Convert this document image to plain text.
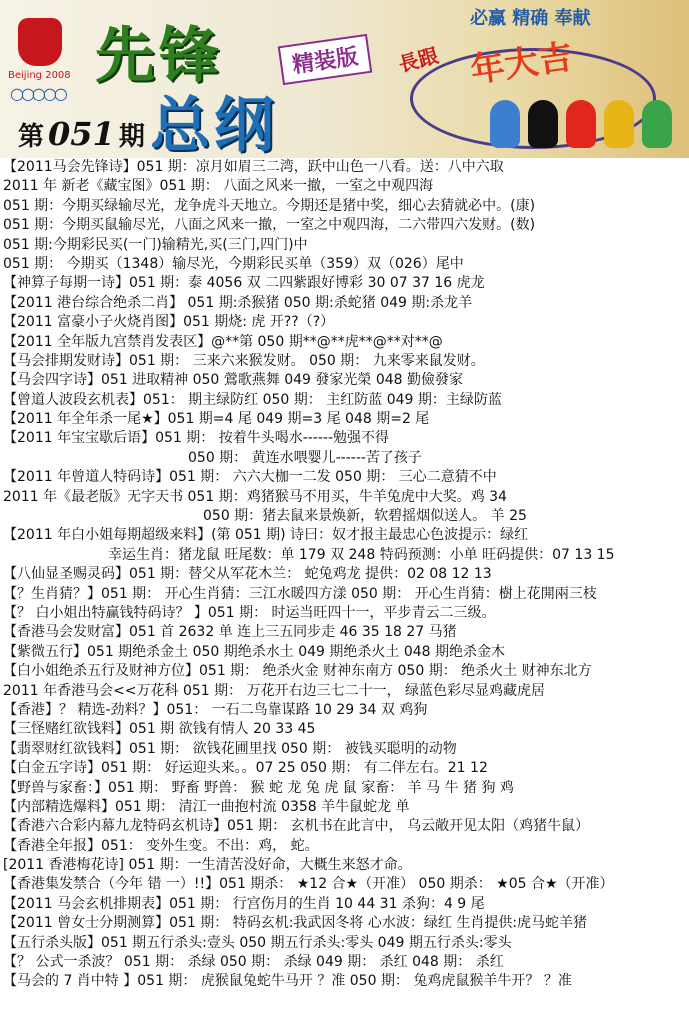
Beijing 2008
○○○○○
先锋
总纲
精装版
第 051 期
必赢 精确 奉献
長跟 年大吉
【2011马会先锋诗】051 期：凉月如眉三二湾，跃中山色一八看。送：八中六取
2011 年 新老《藏宝图》051 期： 八面之风来一撤，一室之中观四海
051 期：今期买绿输尽光，龙争虎斗天地立。今期还是猪中奖，细心去猜就必中。(康)
051 期：今期买鼠输尽光，八面之风来一撤，一室之中观四海，二六带四六发财。(数)
051 期:今期彩民买(一门)输精光,买(三门,四门)中
051 期： 今期买（1348）输尽光，今期彩民买单（359）双（026）尾中
【神算子每期一诗】051 期：泰 4056 双 二四紫跟好博彩 30 07 37 16 虎龙
【2011 港台综合绝杀二肖】 051 期:杀猴猪 050 期:杀蛇猪 049 期:杀龙羊
【2011 富豪小子火烧肖图】051 期烧: 虎 开??（?）
【2011 全年版九宫禁肖发表区】@**第 050 期**@**虎**@**对**@
【马会排期发财诗】051 期： 三来六来猴发财。 050 期： 九来零来鼠发财。
【马会四字诗】051 进取精神 050 鶯歌燕舞 049 發家光榮 048 勤儉發家
【曾道人波段玄机表】051： 期主绿防红 050 期： 主红防蓝 049 期：主绿防蓝
【2011 年全年杀一尾★】051 期=4 尾 049 期=3 尾 048 期=2 尾
【2011 年宝宝歇后语】051 期： 按着牛头喝水------勉强不得
050 期： 黄连水喂婴儿------苦了孩子
【2011 年曾道人特码诗】051 期： 六六大枷一二发 050 期： 三心二意猜不中
2011 年《最老版》无字天书 051 期：鸡猪猴马不用买，牛羊兔虎中大奖。鸡 34
050 期：猪去鼠来景焕新，软碧摇烟似送人。 羊 25
【2011 年白小姐每期超级来料】(第 051 期) 诗曰：奴才报主最忠心色波提示：绿红
幸运生肖：猪龙鼠 旺尾数：单 179 双 248 特码预测：小单 旺码提供：07 13 15
【八仙显圣赐灵码】051 期：替父从军花木兰： 蛇兔鸡龙 提供：02 08 12 13
【？生肖猜？】051 期： 开心生肖猜：三江水暖四方漾 050 期： 开心生肖猜：樹上花開兩三枝
【？ 白小姐出特赢钱特码诗？ 】051 期： 时运当旺四十一，平步青云二三级。
【香港马会发财富】051 首 2632 单 连上三五同步走 46 35 18 27 马猪
【紫微五行】051 期绝杀金土 050 期绝杀水土 049 期绝杀火土 048 期绝杀金木
【白小姐绝杀五行及财神方位】051 期： 绝杀火金 财神东南方 050 期： 绝杀火土 财神东北方
2011 年香港马会<<万花科 051 期： 万花开右边三七二十一， 绿蓝色彩尽显鸡藏虎居
【香港】？ 精选-劲料？】051： 一石二鸟靠谋路 10 29 34 双 鸡狗
【三怪赌红欲钱料】051 期 欲钱有情人 20 33 45
【翡翠财红欲钱料】051 期： 欲钱花圃里找 050 期： 被钱买聪明的动物
【白金五字诗】051 期： 好运迎头来。。07 25 050 期： 有二伴左右。21 12
【野兽与家畜：】051 期： 野畜 野兽： 猴 蛇 龙 兔 虎 鼠 家畜： 羊 马 牛 猪 狗 鸡
【内部精选爆料】051 期： 清江一曲抱村流 0358 羊牛鼠蛇龙 单
【香港六合彩内幕九龙特码玄机诗】051 期： 玄机书在此言中， 乌云敞开见太阳（鸡猪牛鼠）
【香港全年报】051： 变外生变。不出：鸡， 蛇。
[2011 香港梅花诗] 051 期：一生清苦没好命，大概生来怒才命。
【香港集发禁合（今年 错 一）!!】051 期杀： ★12 合★（开准） 050 期杀： ★05 合★（开准）
【2011 马会玄机排期表】051 期： 行宫伤月的生肖 10 44 31 杀狗：4 9 尾
【2011 曾女士分期测算】051 期： 特码玄机:我武因冬将 心水波：绿红 生肖提供:虎马蛇羊猪
【五行杀头版】051 期五行杀头:壹头 050 期五行杀头:零头 049 期五行杀头:零头
【？ 公式一杀波？ 051 期： 杀绿 050 期： 杀绿 049 期： 杀红 048 期： 杀红
【马会的 7 肖中特 】051 期： 虎猴鼠兔蛇牛马开 ？准 050 期： 兔鸡虎鼠猴羊牛开？ ？准
